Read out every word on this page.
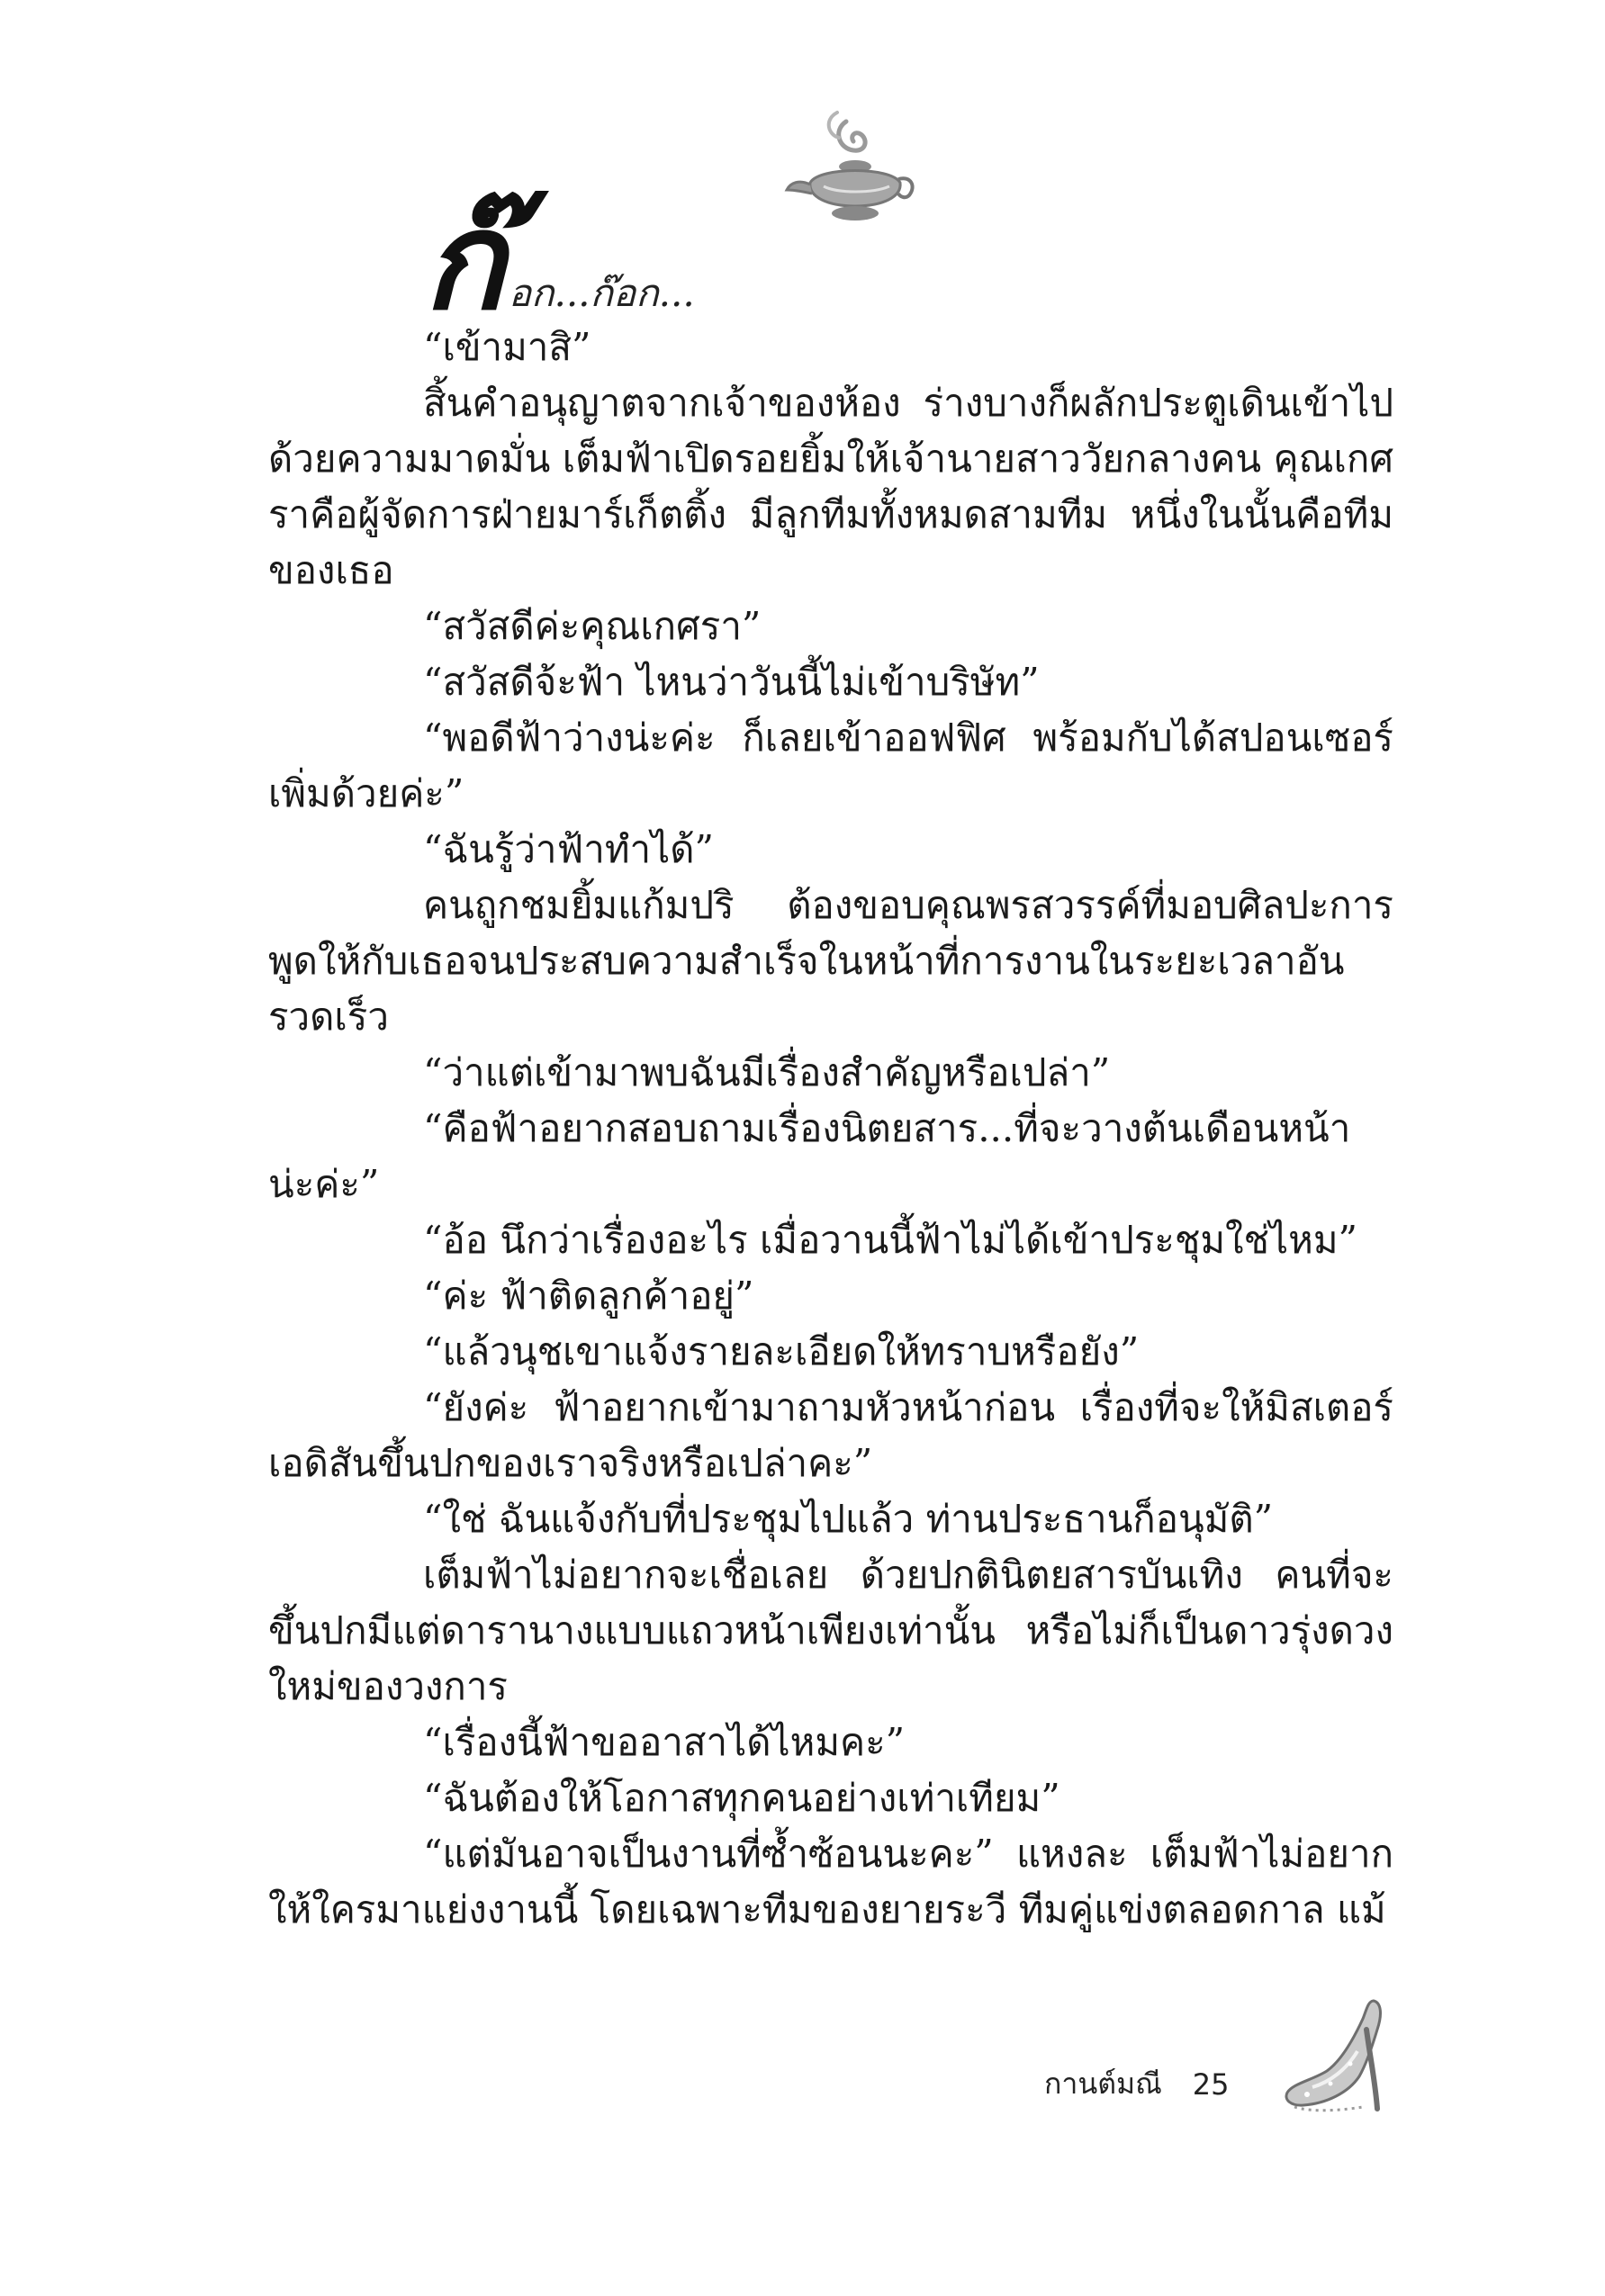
ก๊ อก...ก๊อก...

“เข้ามาสิ”

สิ้นคำอนุญาตจากเจ้าของห้อง ร่างบางก็ผลักประตูเดินเข้าไปด้วยความมาดมั่น เต็มฟ้าเปิดรอยยิ้มให้เจ้านายสาววัยกลางคน คุณเกศราคือผู้จัดการฝ่ายมาร์เก็ตติ้ง มีลูกทีมทั้งหมดสามทีม หนึ่งในนั้นคือทีมของเธอ

“สวัสดีค่ะคุณเกศรา”

“สวัสดีจ้ะฟ้า ไหนว่าวันนี้ไม่เข้าบริษัท”

“พอดีฟ้าว่างน่ะค่ะ ก็เลยเข้าออฟฟิศ พร้อมกับได้สปอนเซอร์เพิ่มด้วยค่ะ”

“ฉันรู้ว่าฟ้าทำได้”

คนถูกชมยิ้มแก้มปริ ต้องขอบคุณพรสวรรค์ที่มอบศิลปะการพูดให้กับเธอจนประสบความสำเร็จในหน้าที่การงานในระยะเวลาอันรวดเร็ว

“ว่าแต่เข้ามาพบฉันมีเรื่องสำคัญหรือเปล่า”

“คือฟ้าอยากสอบถามเรื่องนิตยสาร...ที่จะวางต้นเดือนหน้าน่ะค่ะ”

“อ้อ นึกว่าเรื่องอะไร เมื่อวานนี้ฟ้าไม่ได้เข้าประชุมใช่ไหม”

“ค่ะ ฟ้าติดลูกค้าอยู่”

“แล้วนุชเขาแจ้งรายละเอียดให้ทราบหรือยัง”

“ยังค่ะ ฟ้าอยากเข้ามาถามหัวหน้าก่อน เรื่องที่จะให้มิสเตอร์เอดิสันขึ้นปกของเราจริงหรือเปล่าคะ”

“ใช่ ฉันแจ้งกับที่ประชุมไปแล้ว ท่านประธานก็อนุมัติ”

เต็มฟ้าไม่อยากจะเชื่อเลย ด้วยปกตินิตยสารบันเทิง คนที่จะขึ้นปกมีแต่ดารานางแบบแถวหน้าเพียงเท่านั้น หรือไม่ก็เป็นดาวรุ่งดวงใหม่ของวงการ

“เรื่องนี้ฟ้าขออาสาได้ไหมคะ”

“ฉันต้องให้โอกาสทุกคนอย่างเท่าเทียม”

“แต่มันอาจเป็นงานที่ซ้ำซ้อนนะคะ” แหงละ เต็มฟ้าไม่อยากให้ใครมาแย่งงานนี้ โดยเฉพาะทีมของยายระวี ทีมคู่แข่งตลอดกาล แม้

กานต์มณี 25
